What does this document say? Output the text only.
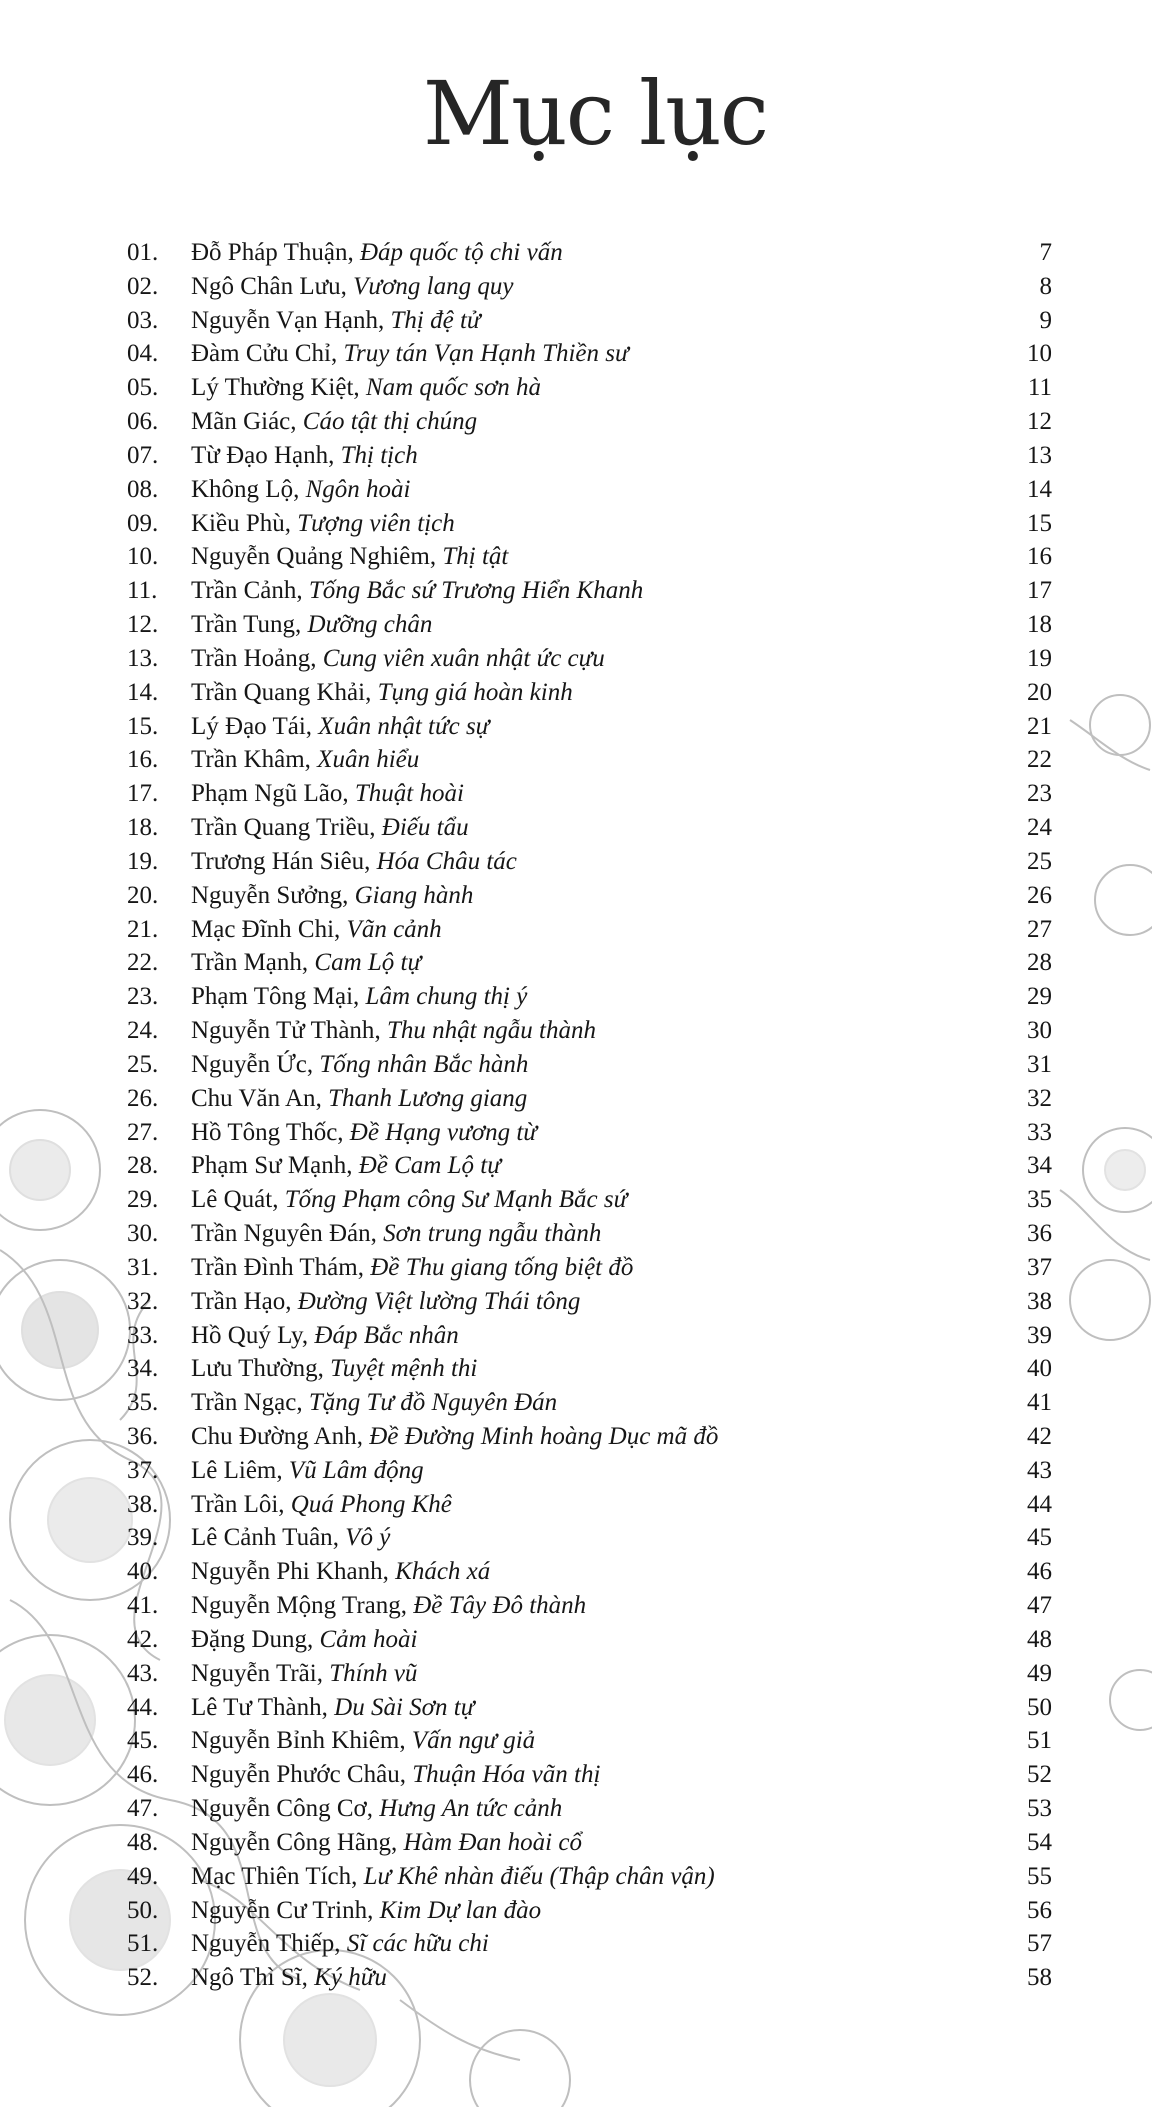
Mục lục
01. Đỗ Pháp Thuận, Đáp quốc tộ chi vấn	7
02. Ngô Chân Lưu, Vương lang quy	8
03. Nguyễn Vạn Hạnh, Thị đệ tử	9
04. Đàm Cửu Chỉ, Truy tán Vạn Hạnh Thiền sư	10
05. Lý Thường Kiệt, Nam quốc sơn hà	11
06. Mãn Giác, Cáo tật thị chúng	12
07. Từ Đạo Hạnh, Thị tịch	13
08. Không Lộ, Ngôn hoài	14
09. Kiều Phù, Tượng viên tịch	15
10. Nguyễn Quảng Nghiêm, Thị tật	16
11. Trần Cảnh, Tống Bắc sứ Trương Hiển Khanh	17
12. Trần Tung, Dưỡng chân	18
13. Trần Hoảng, Cung viên xuân nhật ức cựu	19
14. Trần Quang Khải, Tụng giá hoàn kinh	20
15. Lý Đạo Tái, Xuân nhật tức sự	21
16. Trần Khâm, Xuân hiểu	22
17. Phạm Ngũ Lão, Thuật hoài	23
18. Trần Quang Triều, Điếu tẩu	24
19. Trương Hán Siêu, Hóa Châu tác	25
20. Nguyễn Sưởng, Giang hành	26
21. Mạc Đĩnh Chi, Vãn cảnh	27
22. Trần Mạnh, Cam Lộ tự	28
23. Phạm Tông Mại, Lâm chung thị ý	29
24. Nguyễn Tử Thành, Thu nhật ngẫu thành	30
25. Nguyễn Ức, Tống nhân Bắc hành	31
26. Chu Văn An, Thanh Lương giang	32
27. Hồ Tông Thốc, Đề Hạng vương từ	33
28. Phạm Sư Mạnh, Đề Cam Lộ tự	34
29. Lê Quát, Tống Phạm công Sư Mạnh Bắc sứ	35
30. Trần Nguyên Đán, Sơn trung ngẫu thành	36
31. Trần Đình Thám, Đề Thu giang tống biệt đồ	37
32. Trần Hạo, Đường Việt lường Thái tông	38
33. Hồ Quý Ly, Đáp Bắc nhân	39
34. Lưu Thường, Tuyệt mệnh thi	40
35. Trần Ngạc, Tặng Tư đồ Nguyên Đán	41
36. Chu Đường Anh, Đề Đường Minh hoàng Dục mã đồ	42
37. Lê Liêm, Vũ Lâm động	43
38. Trần Lôi, Quá Phong Khê	44
39. Lê Cảnh Tuân, Vô ý	45
40. Nguyễn Phi Khanh, Khách xá	46
41. Nguyễn Mộng Trang, Đề Tây Đô thành	47
42. Đặng Dung, Cảm hoài	48
43. Nguyễn Trãi, Thính vũ	49
44. Lê Tư Thành, Du Sài Sơn tự	50
45. Nguyễn Bỉnh Khiêm, Vấn ngư giả	51
46. Nguyễn Phước Châu, Thuận Hóa vãn thị	52
47. Nguyễn Công Cơ, Hưng An tức cảnh	53
48. Nguyễn Công Hãng, Hàm Đan hoài cổ	54
49. Mạc Thiên Tích, Lư Khê nhàn điếu (Thập chân vận)	55
50. Nguyễn Cư Trinh, Kim Dự lan đào	56
51. Nguyễn Thiếp, Sĩ các hữu chi	57
52. Ngô Thì Sĩ, Ký hữu	58
